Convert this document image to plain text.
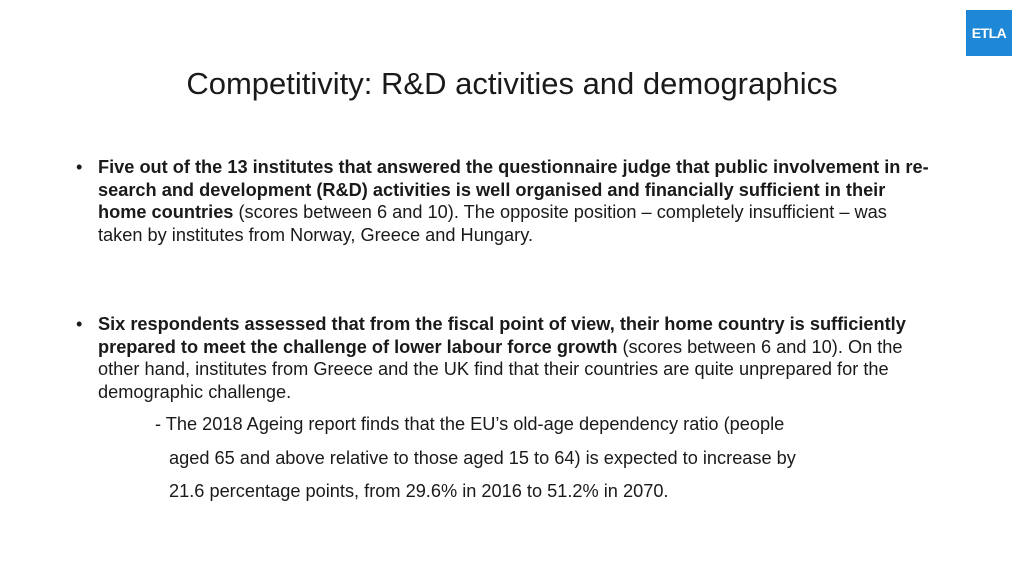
ETLA
Competitivity: R&D activities and demographics
• Five out of the 13 institutes that answered the questionnaire judge that public involvement in re-search and development (R&D) activities is well organised and financially sufficient in their home countries (scores between 6 and 10). The opposite position – completely insufficient – was taken by institutes from Norway, Greece and Hungary.
• Six respondents assessed that from the fiscal point of view, their home country is sufficiently prepared to meet the challenge of lower labour force growth (scores between 6 and 10). On the other hand, institutes from Greece and the UK find that their countries are quite unprepared for the demographic challenge.
- The 2018 Ageing report finds that the EU’s old-age dependency ratio (people
aged 65 and above relative to those aged 15 to 64) is expected to increase by
21.6 percentage points, from 29.6% in 2016 to 51.2% in 2070.
